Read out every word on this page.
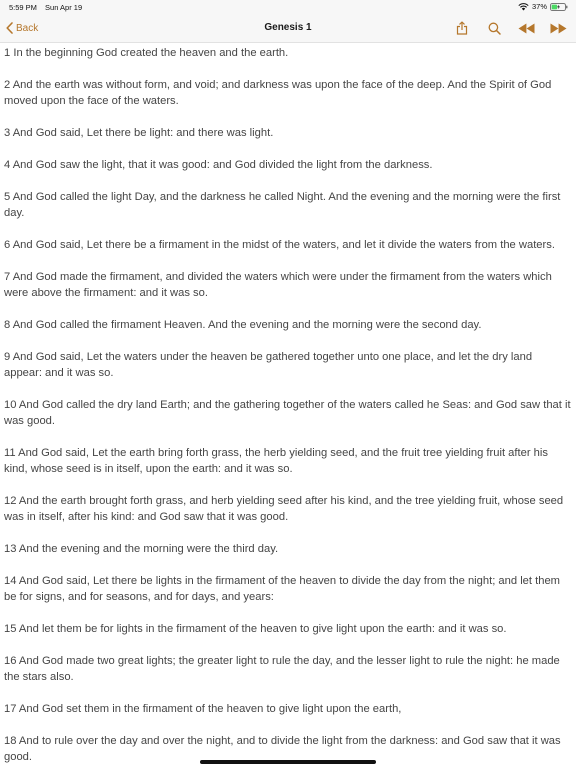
5:59 PM Sun Apr 19	37%
Back	Genesis 1

1 In the beginning God created the heaven and the earth.

2 And the earth was without form, and void; and darkness was upon the face of the deep. And the Spirit of God moved upon the face of the waters.

3 And God said, Let there be light: and there was light.

4 And God saw the light, that it was good: and God divided the light from the darkness.

5 And God called the light Day, and the darkness he called Night. And the evening and the morning were the first day.

6 And God said, Let there be a firmament in the midst of the waters, and let it divide the waters from the waters.

7 And God made the firmament, and divided the waters which were under the firmament from the waters which were above the firmament: and it was so.

8 And God called the firmament Heaven. And the evening and the morning were the second day.

9 And God said, Let the waters under the heaven be gathered together unto one place, and let the dry land appear: and it was so.

10 And God called the dry land Earth; and the gathering together of the waters called he Seas: and God saw that it was good.

11 And God said, Let the earth bring forth grass, the herb yielding seed, and the fruit tree yielding fruit after his kind, whose seed is in itself, upon the earth: and it was so.

12 And the earth brought forth grass, and herb yielding seed after his kind, and the tree yielding fruit, whose seed was in itself, after his kind: and God saw that it was good.

13 And the evening and the morning were the third day.

14 And God said, Let there be lights in the firmament of the heaven to divide the day from the night; and let them be for signs, and for seasons, and for days, and years:

15 And let them be for lights in the firmament of the heaven to give light upon the earth: and it was so.

16 And God made two great lights; the greater light to rule the day, and the lesser light to rule the night: he made the stars also.

17 And God set them in the firmament of the heaven to give light upon the earth,

18 And to rule over the day and over the night, and to divide the light from the darkness: and God saw that it was good.
